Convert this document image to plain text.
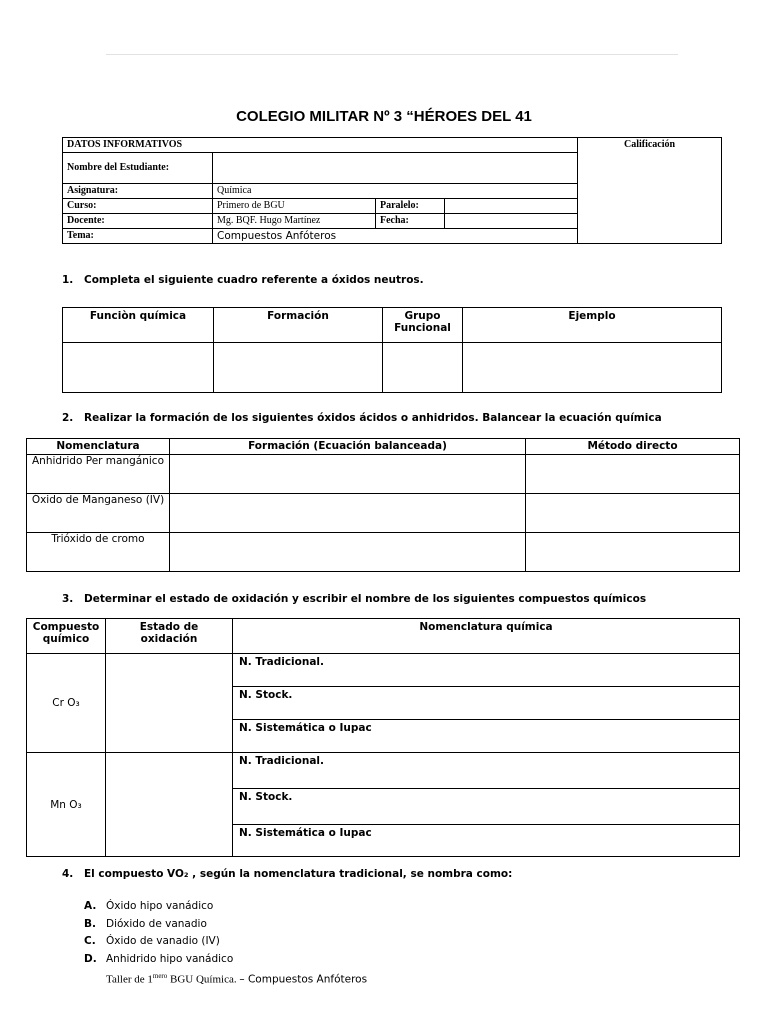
COLEGIO MILITAR Nº 3 “HÉROES DEL 41
DATOS INFORMATIVOS				Calificación
Nombre del Estudiante:				
Asignatura:	Química			
Curso:	Primero de BGU	Paralelo:		
Docente:	Mg. BQF. Hugo Martínez	Fecha:		
Tema:	Compuestos Anfóteros			
1. Completa el siguiente cuadro referente a óxidos neutros.
Funciòn química	Formación	Grupo Funcional	Ejemplo

2. Realizar la formación de los siguientes óxidos ácidos o anhidridos. Balancear la ecuación química
Nomenclatura	Formación (Ecuación balanceada)	Método directo
Anhidrido Per mangánico		
Óxido de Manganeso (IV)		
Trióxido de cromo		
3. Determinar el estado de oxidación y escribir el nombre de los siguientes compuestos químicos
Compuesto químico	Estado de oxidación	Nomenclatura química
Cr O₃		N. Tradicional.
		N. Stock.
		N. Sistemática o Iupac
Mn O₃		N. Tradicional.
		N. Stock.
		N. Sistemática o Iupac
4. El compuesto VO₂ , según la nomenclatura tradicional, se nombra como:
A. Óxido hipo vanádico
B. Dióxido de vanadio
C. Óxido de vanadio (IV)
D. Anhidrido hipo vanádico
Taller de $1^{mero}$ BGU Química. – Compuestos Anfóteros
